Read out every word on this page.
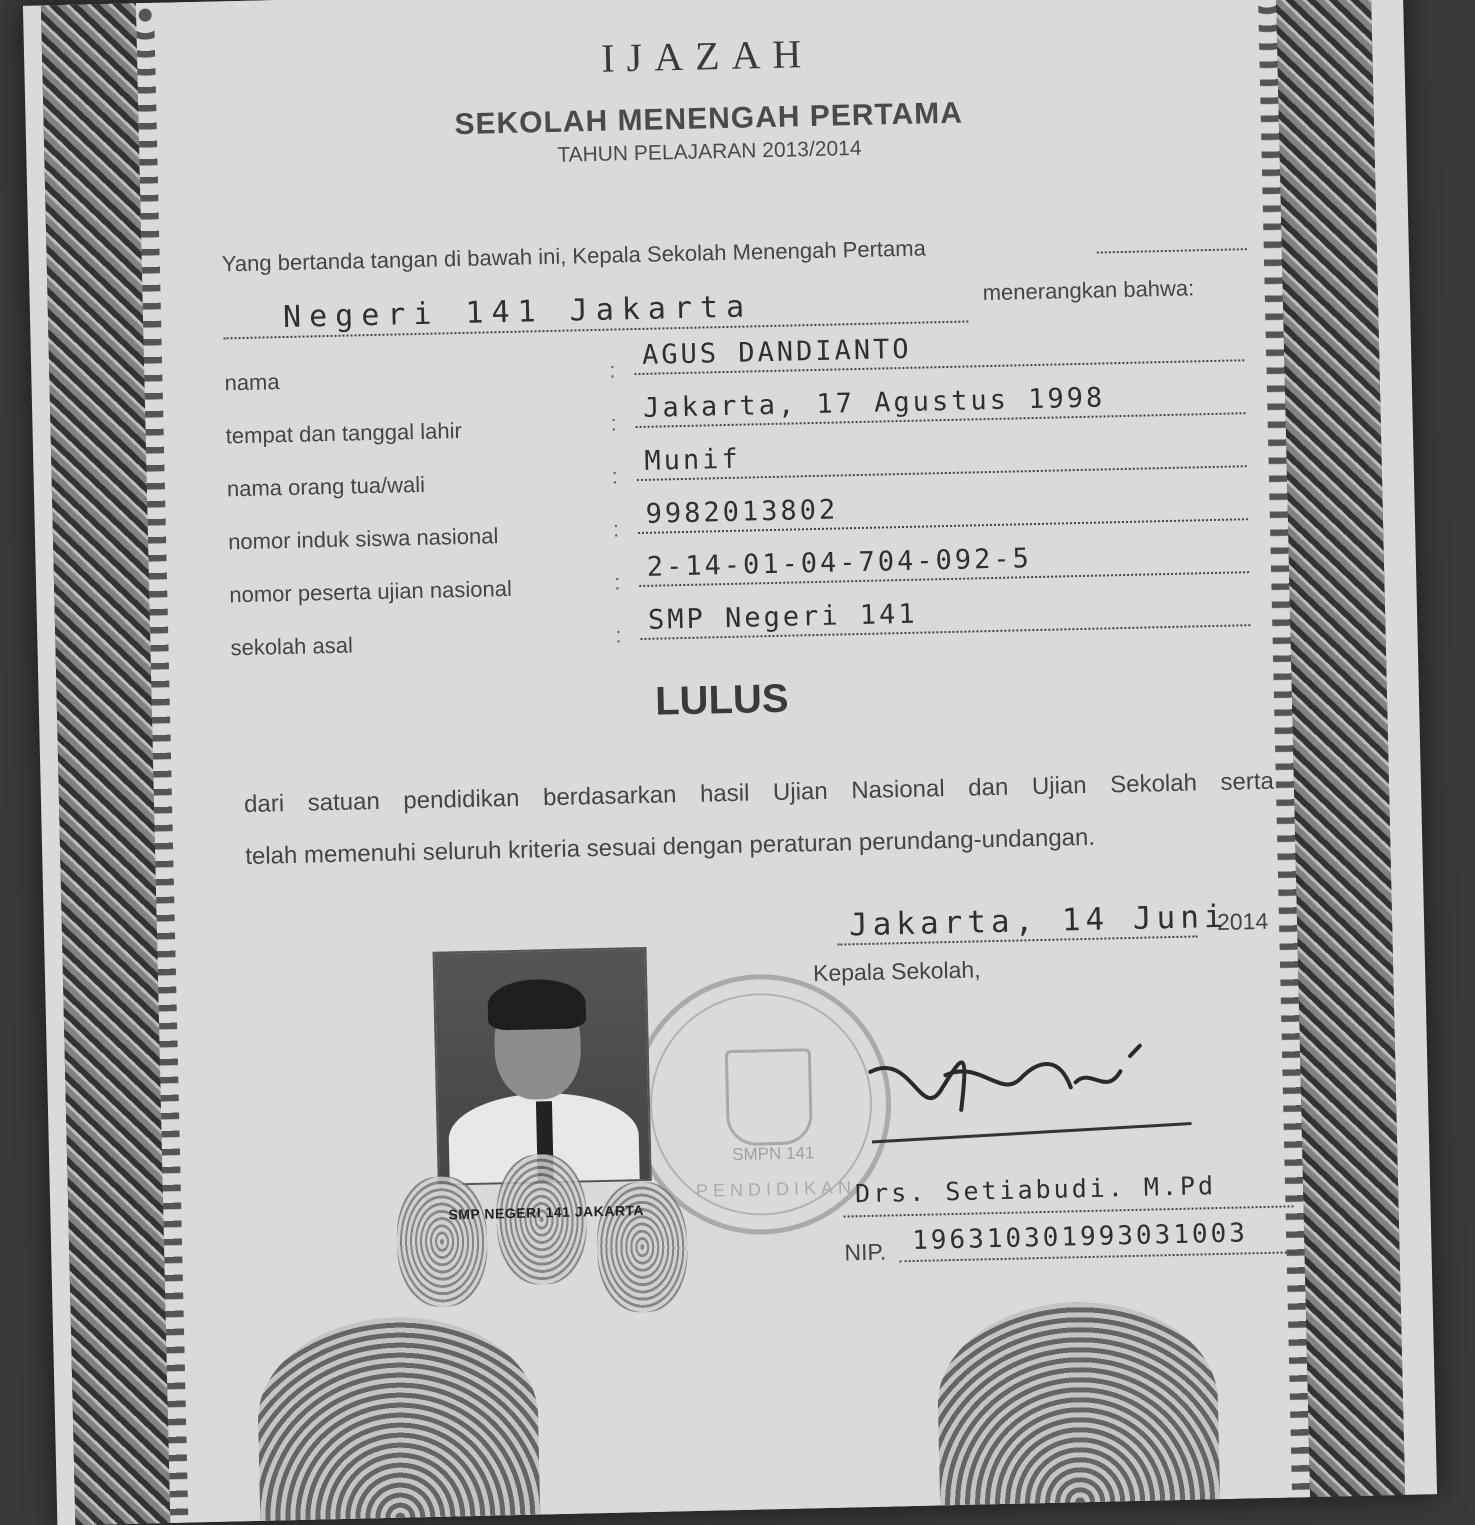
IJAZAH
SEKOLAH MENENGAH PERTAMA
TAHUN PELAJARAN 2013/2014
Yang bertanda tangan di bawah ini, Kepala Sekolah Menengah Pertama
Negeri 141 Jakarta	menerangkan bahwa:
nama	: AGUS DANDIANTO
tempat dan tanggal lahir	: Jakarta, 17 Agustus 1998
nama orang tua/wali	: Munif
nomor induk siswa nasional	: 9982013802
nomor peserta ujian nasional	: 2-14-01-04-704-092-5
sekolah asal	: SMP Negeri 141
LULUS
dari satuan pendidikan berdasarkan hasil Ujian Nasional dan Ujian Sekolah serta
telah memenuhi seluruh kriteria sesuai dengan peraturan perundang-undangan.
Jakarta, 14 Juni
2014
SMPN 141
PENDIDIKAN
Kepala Sekolah,
SMP NEGERI 141 JAKARTA
Drs. Setiabudi. M.Pd
NIP. 196310301993031003
